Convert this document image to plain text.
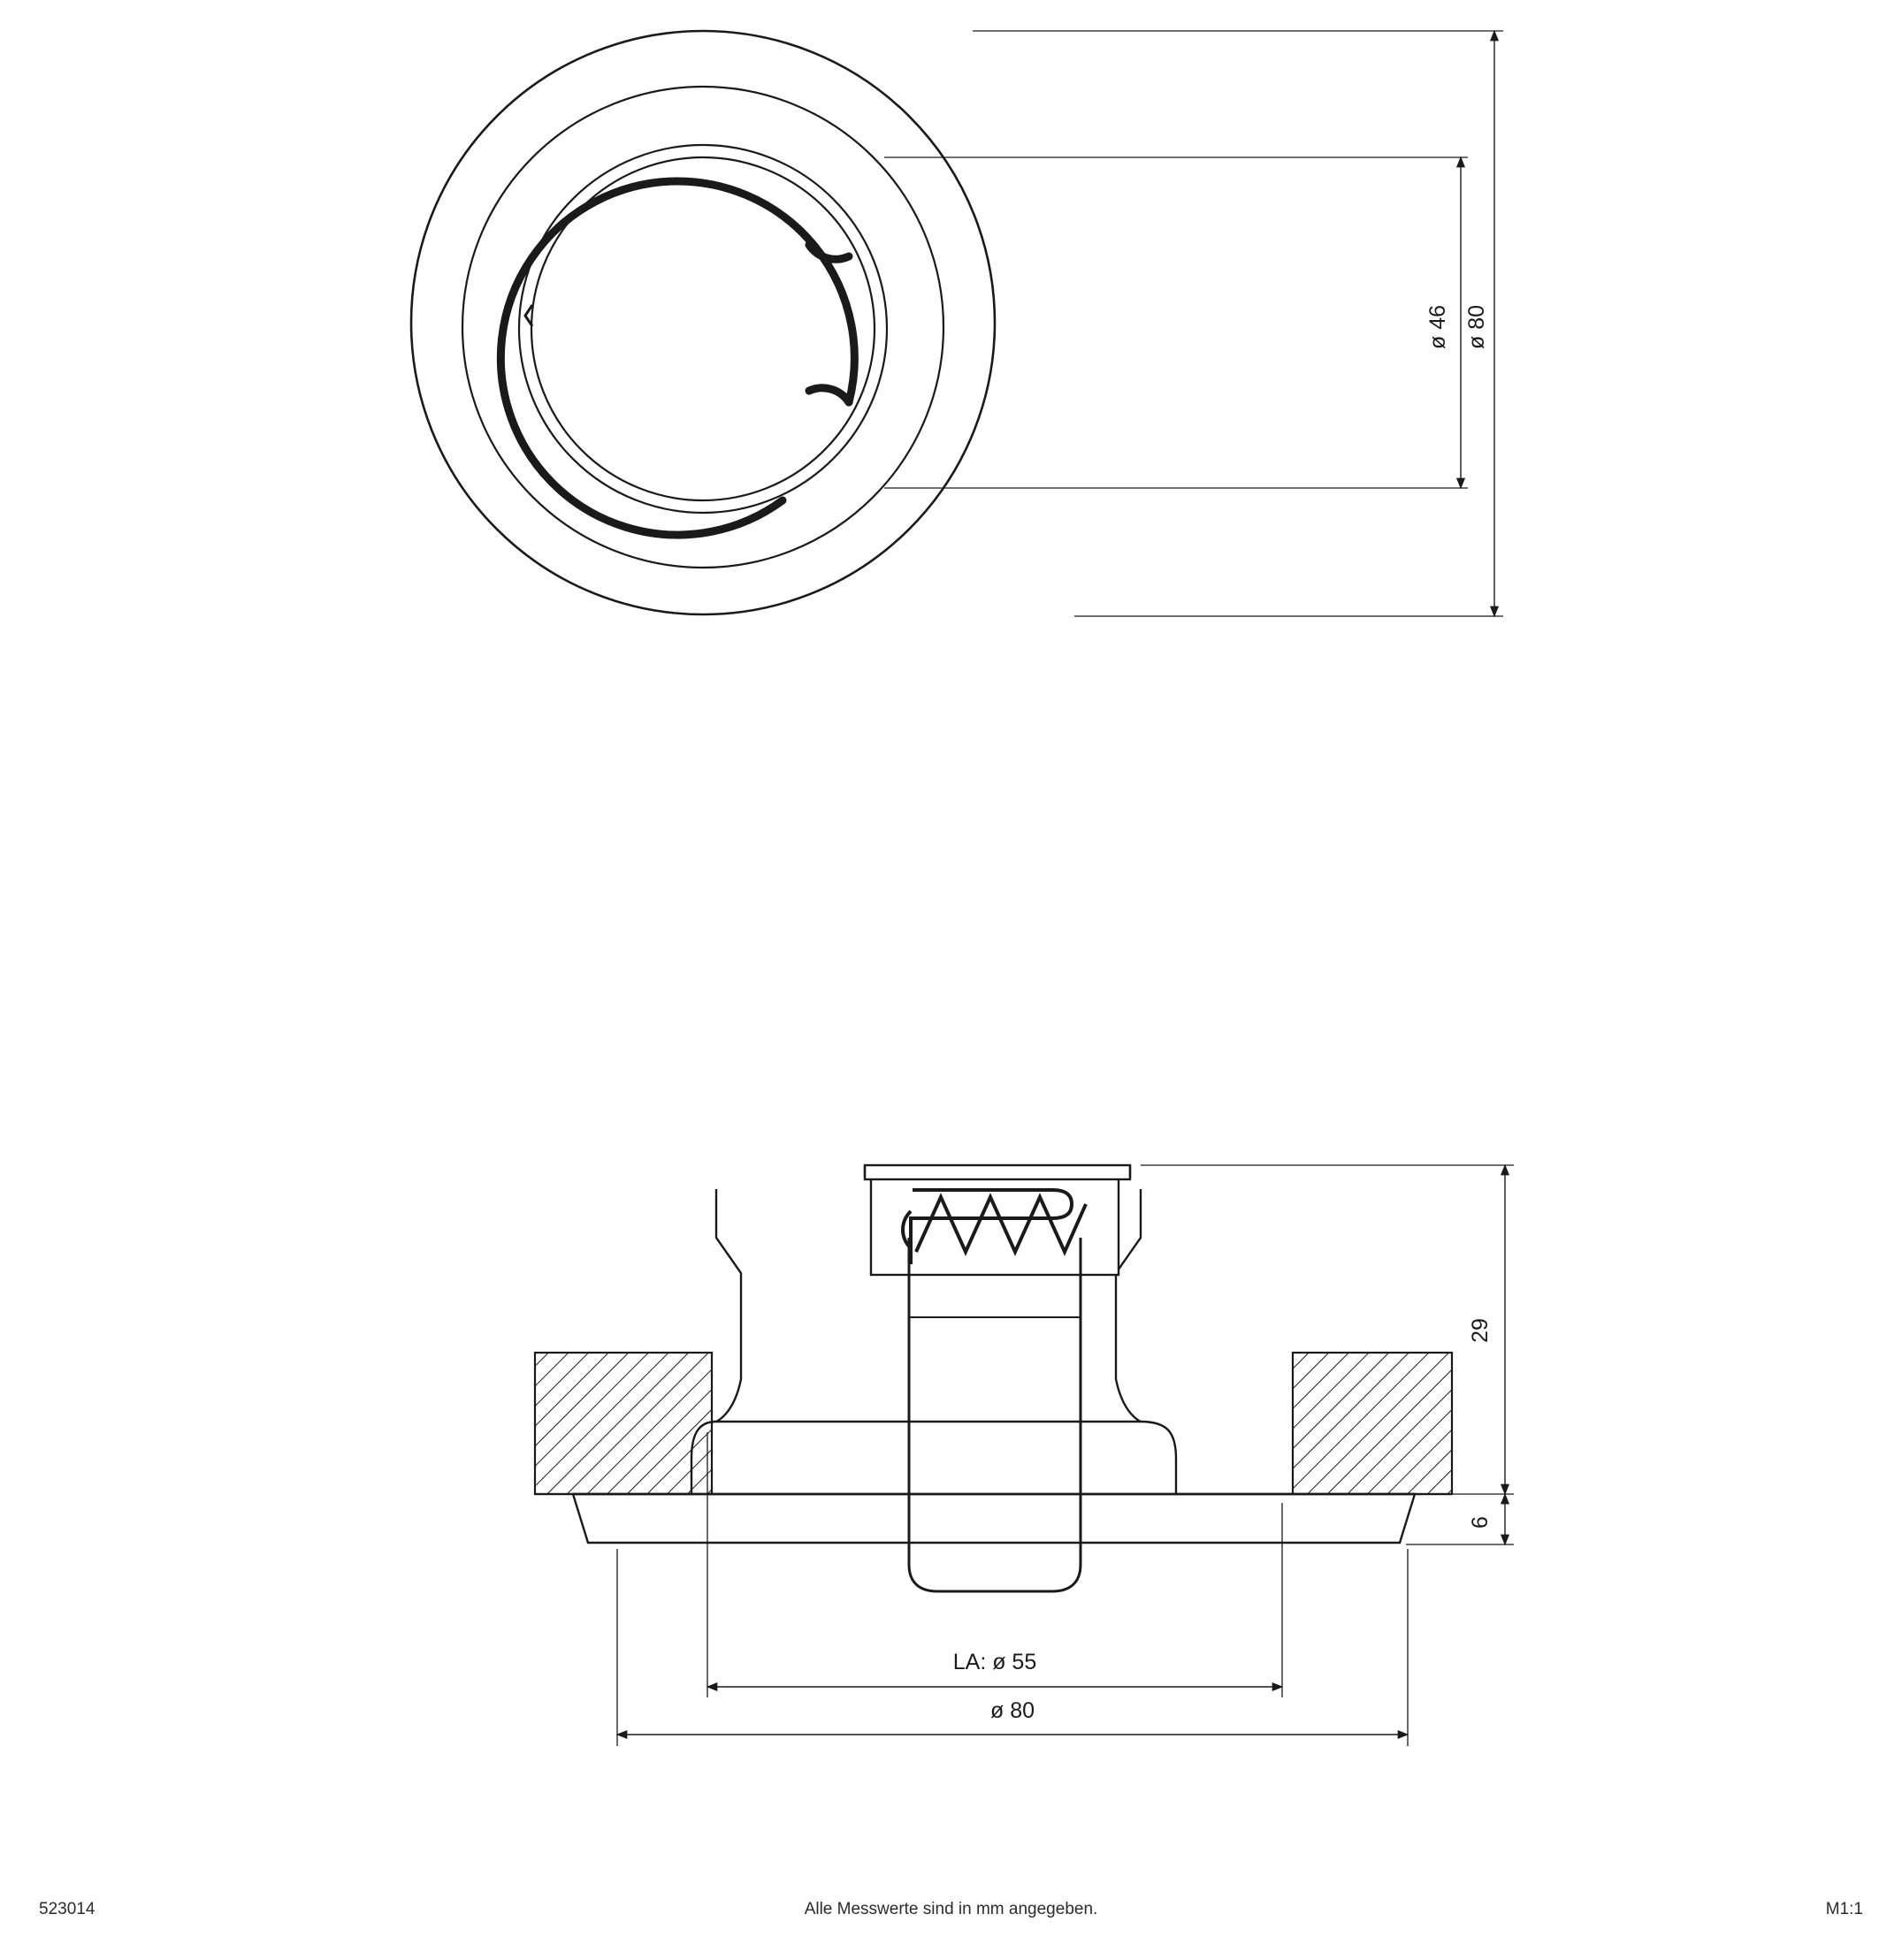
ø 46 ø 80
29
6
LA: ø 55
ø 80
523014	Alle Messwerte sind in mm angegeben.	M1:1
